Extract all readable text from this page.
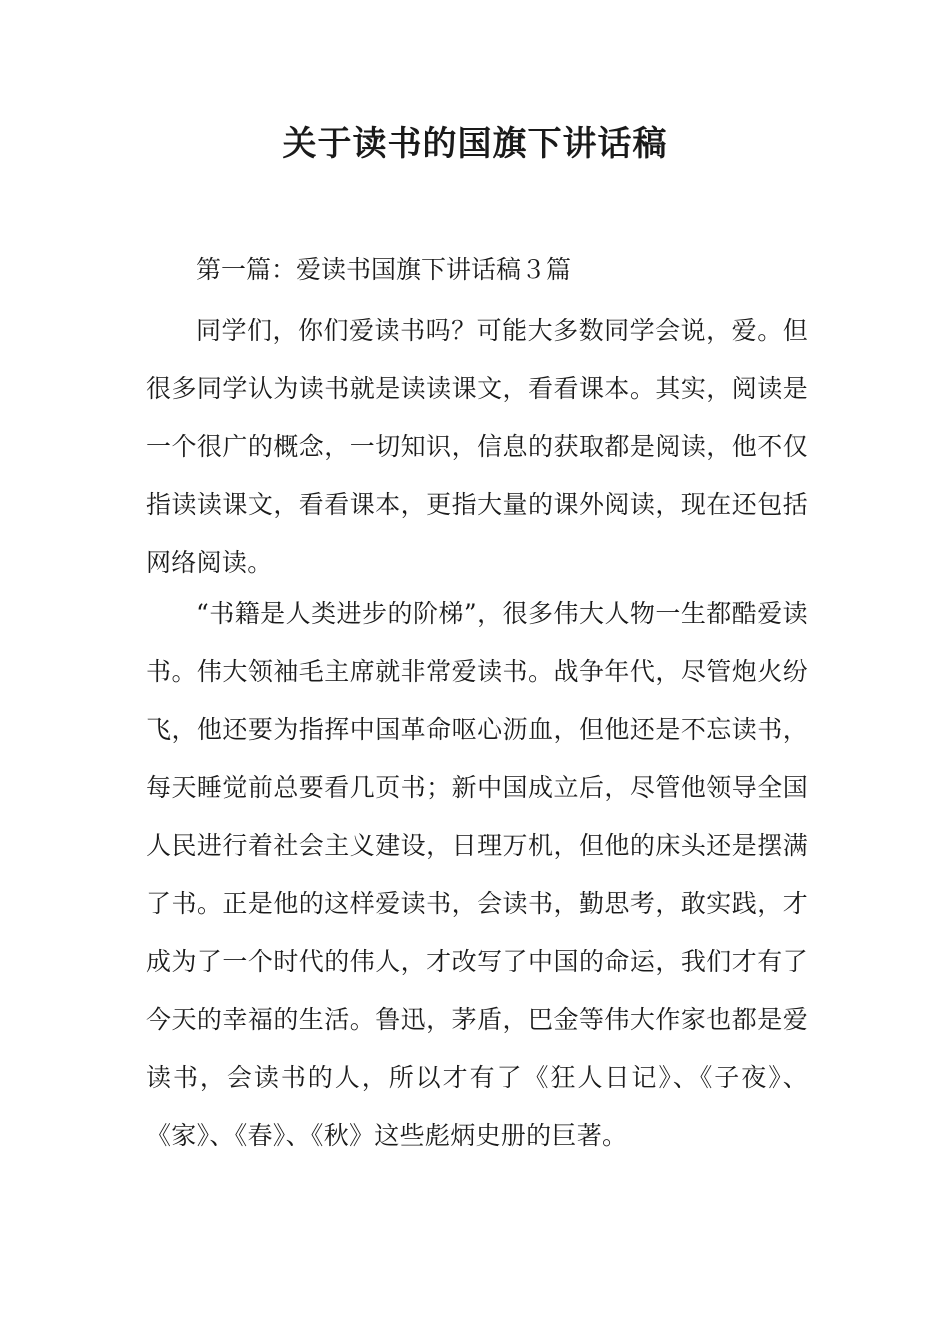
关于读书的国旗下讲话稿

第一篇：爱读书国旗下讲话稿３篇

同学们，你们爱读书吗？可能大多数同学会说，爱。但很多同学认为读书就是读读课文，看看课本。其实，阅读是一个很广的概念，一切知识，信息的获取都是阅读，他不仅指读读课文，看看课本，更指大量的课外阅读，现在还包括网络阅读。

“书籍是人类进步的阶梯”，很多伟大人物一生都酷爱读书。伟大领袖毛主席就非常爱读书。战争年代，尽管炮火纷飞，他还要为指挥中国革命呕心沥血，但他还是不忘读书，每天睡觉前总要看几页书；新中国成立后，尽管他领导全国人民进行着社会主义建设，日理万机，但他的床头还是摆满了书。正是他的这样爱读书，会读书，勤思考，敢实践，才成为了一个时代的伟人，才改写了中国的命运，我们才有了今天的幸福的生活。鲁迅，茅盾，巴金等伟大作家也都是爱读书，会读书的人，所以才有了《狂人日记》、《子夜》、《家》、《春》、《秋》这些彪炳史册的巨著。
